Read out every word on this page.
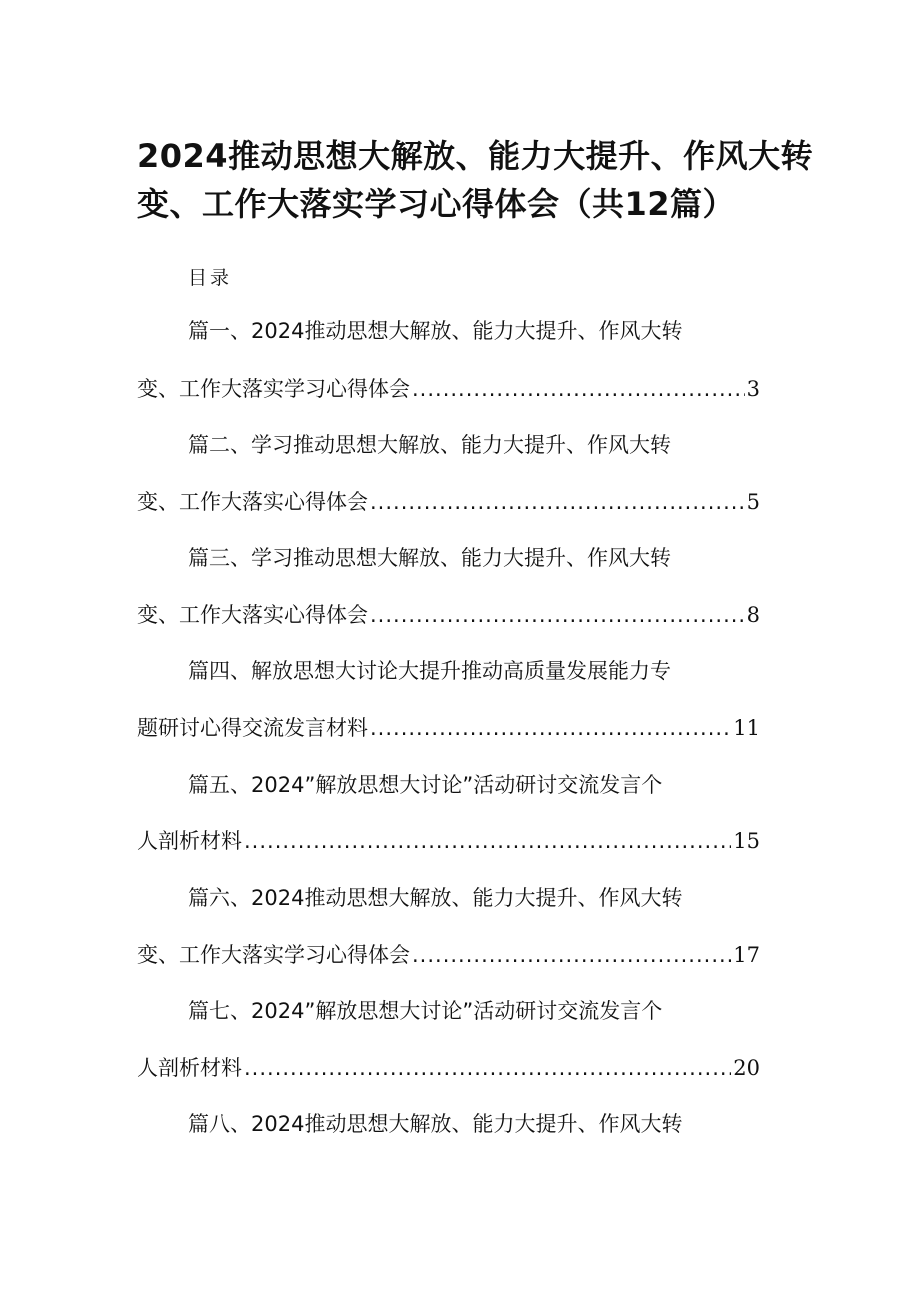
2024推动思想大解放、能力大提升、作风大转
变、工作大落实学习心得体会（共12篇）
目录
篇一、2024推动思想大解放、能力大提升、作风大转
变、工作大落实学习心得体会 .....	3
篇二、学习推动思想大解放、能力大提升、作风大转
变、工作大落实心得体会 .....	5
篇三、学习推动思想大解放、能力大提升、作风大转
变、工作大落实心得体会 .....	8
篇四、解放思想大讨论大提升推动高质量发展能力专
题研讨心得交流发言材料 .....	11
篇五、2024”解放思想大讨论”活动研讨交流发言个
人剖析材料 .....	15
篇六、2024推动思想大解放、能力大提升、作风大转
变、工作大落实学习心得体会 .....	17
篇七、2024”解放思想大讨论”活动研讨交流发言个
人剖析材料 .....	20
篇八、2024推动思想大解放、能力大提升、作风大转
